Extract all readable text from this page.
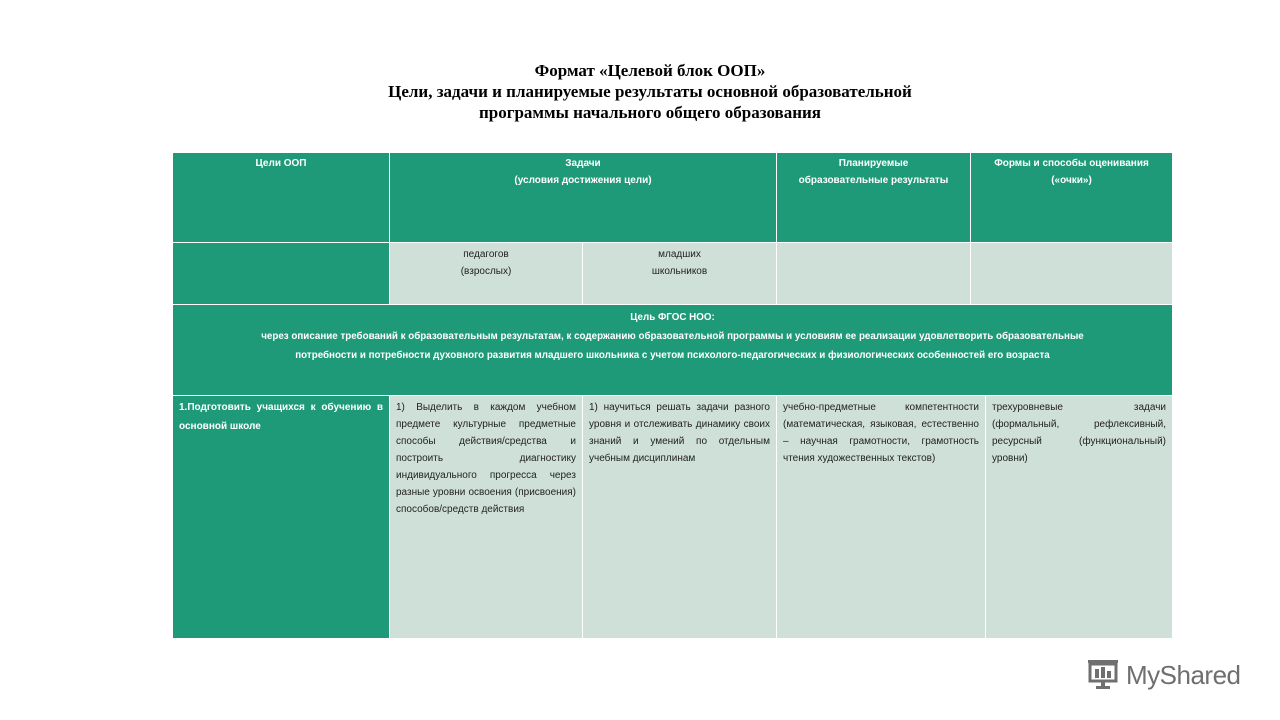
Формат «Целевой блок ООП»
Цели, задачи и планируемые результаты основной образовательной
программы начального общего образования
Цели ООП	Задачи
(условия достижения цели)
Планируемые
образовательные результаты
Формы и способы оценивания
(«очки»)
педагогов
(взрослых)
младших
школьников
Цель ФГОС НОО:
через описание требований к образовательным результатам, к содержанию образовательной программы и условиям ее реализации удовлетворить образовательные
потребности и потребности духовного развития младшего школьника с учетом психолого-педагогических и физиологических особенностей его возраста
1.Подготовить учащихся к обучению в основной школе
1) Выделить в каждом учебном предмете культурные предметные способы действия/средства и построить диагностику индивидуального прогресса через разные уровни освоения (присвоения) способов/средств действия
1) научиться решать задачи разного уровня и отслеживать динамику своих знаний и умений по отдельным учебным дисциплинам
учебно-предметные компетентности (математическая, языковая, естественно – научная грамотности, грамотность чтения художественных текстов)
трехуровневые задачи (формальный, рефлексивный, ресурсный (функциональный) уровни)
MyShared
